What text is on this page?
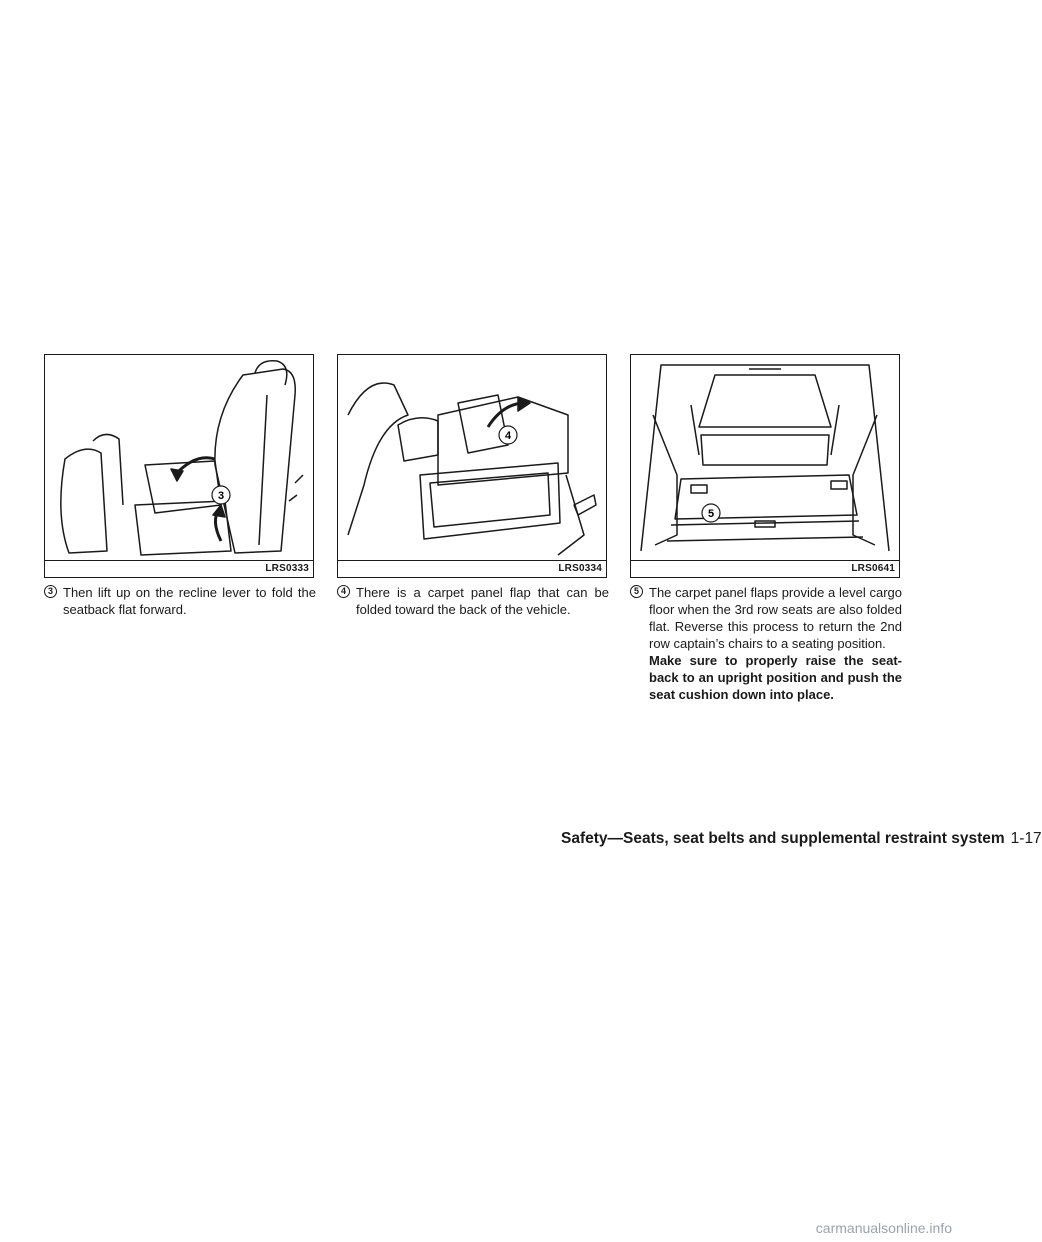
3
LRS0333
4
LRS0334
5
LRS0641
3 Then lift up on the recline lever to fold the seatback flat forward.
4 There is a carpet panel flap that can be folded toward the back of the vehicle.
5 The carpet panel flaps provide a level cargo floor when the 3rd row seats are also folded flat. Reverse this process to return the 2nd row captain’s chairs to a seating position.
Make sure to properly raise the seat-back to an upright position and push the seat cushion down into place.
Safety—Seats, seat belts and supplemental restraint system 1-17
carmanualsonline.info
